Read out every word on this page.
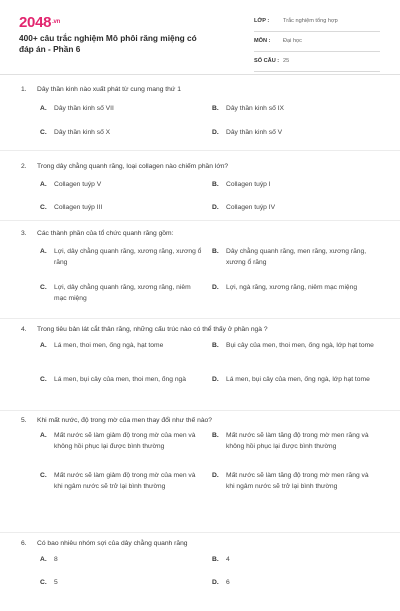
2048.vn
400+ câu trắc nghiệm Mô phôi răng miệng có đáp án - Phần 6
LỚP : Trắc nghiệm tổng hợp
MÔN : Đại học
SỐ CÂU : 25
1. Dây thần kinh nào xuất phát từ cung mang thứ 1
A. Dây thần kinh số VII	B. Dây thần kinh số IX
C. Dây thần kinh số X	D. Dây thần kinh số V
2. Trong dây chằng quanh răng, loại collagen nào chiếm phần lớn?
A. Collagen tuýp V	B. Collagen tuýp I
C. Collagen tuýp III	D. Collagen tuýp IV
3. Các thành phần của tổ chức quanh răng gồm:
A. Lợi, dây chằng quanh răng, xương răng, xương ổ răng
B. Dây chằng quanh răng, men răng, xương răng, xương ổ răng
C. Lợi, dây chằng quanh răng, xương răng, niêm mạc miệng
D. Lợi, ngà răng, xương răng, niêm mạc miệng
4. Trong tiêu bản lát cắt thân răng, những cấu trúc nào có thể thấy ở phần ngà ?
A. Lá men, thoi men, ống ngà, hạt tome	B. Bụi cây của men, thoi men, ống ngà, lớp hạt tome
C. Lá men, bụi cây của men, thoi men, ống ngà	D. Lá men, bụi cây của men, ống ngà, lớp hạt tome
5. Khi mất nước, độ trong mờ của men thay đổi như thế nào?
A. Mất nước sẽ làm giảm độ trong mờ của men và không hồi phục lại được bình thường
B. Mất nước sẽ làm tăng độ trong mờ men răng và không hồi phục lại được bình thường
C. Mất nước sẽ làm giảm độ trong mờ của men và khi ngâm nước sẽ trở lại bình thường
D. Mất nước sẽ làm tăng độ trong mờ men răng và khi ngâm nước sẽ trở lại bình thường
6. Có bao nhiêu nhóm sợi của dây chằng quanh răng
A. 8	B. 4
C. 5	D. 6
